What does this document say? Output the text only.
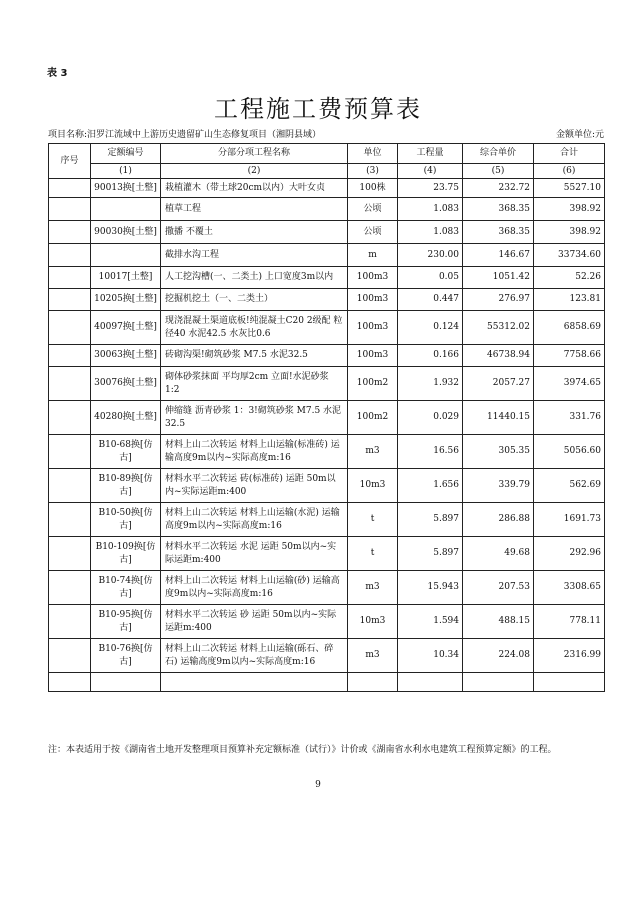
表 3
工程施工费预算表
项目名称:汨罗江流域中上游历史遗留矿山生态修复项目（湘阴县域）	金额单位:元
序号	定额编号	分部分项工程名称	单位	工程量	综合单价	合计
	(1)	(2)	(3)	(4)	(5)	(6)
	90013换[土整]	栽植灌木（带土球20cm以内）大叶女贞	100株	23.75	232.72	5527.10
		植草工程	公顷	1.083	368.35	398.92
	90030换[土整]	撒播 不覆土	公顷	1.083	368.35	398.92
		截排水沟工程	m	230.00	146.67	33734.60
	10017[土整]	人工挖沟槽(一、二类土) 上口宽度3m以内	100m3	0.05	1051.42	52.26
	10205换[土整]	挖掘机挖土（一、二类土）	100m3	0.447	276.97	123.81
	40097换[土整]	现浇混凝土渠道底板!纯混凝土C20 2级配 粒径40 水泥42.5 水灰比0.6	100m3	0.124	55312.02	6858.69
	30063换[土整]	砖砌沟渠!砌筑砂浆 M7.5 水泥32.5	100m3	0.166	46738.94	7758.66
	30076换[土整]	砌体砂浆抹面 平均厚2cm 立面!水泥砂浆 1:2	100m2	1.932	2057.27	3974.65
	40280换[土整]	伸缩缝 沥青砂浆 1：3!砌筑砂浆 M7.5 水泥32.5	100m2	0.029	11440.15	331.76
	B10-68换[仿古]	材料上山二次转运 材料上山运输(标准砖) 运输高度9m以内~实际高度m:16	m3	16.56	305.35	5056.60
	B10-89换[仿古]	材料水平二次转运 砖(标准砖) 运距 50m以内~实际运距m:400	10m3	1.656	339.79	562.69
	B10-50换[仿古]	材料上山二次转运 材料上山运输(水泥) 运输高度9m以内~实际高度m:16	t	5.897	286.88	1691.73
	B10-109换[仿古]	材料水平二次转运 水泥 运距 50m以内~实际运距m:400	t	5.897	49.68	292.96
	B10-74换[仿古]	材料上山二次转运 材料上山运输(砂) 运输高度9m以内~实际高度m:16	m3	15.943	207.53	3308.65
	B10-95换[仿古]	材料水平二次转运 砂 运距 50m以内~实际运距m:400	10m3	1.594	488.15	778.11
	B10-76换[仿古]	材料上山二次转运 材料上山运输(砾石、碎石) 运输高度9m以内~实际高度m:16	m3	10.34	224.08	2316.99

注：本表适用于按《湖南省土地开发整理项目预算补充定额标准（试行）》计价或《湖南省水利水电建筑工程预算定额》的工程。
9
